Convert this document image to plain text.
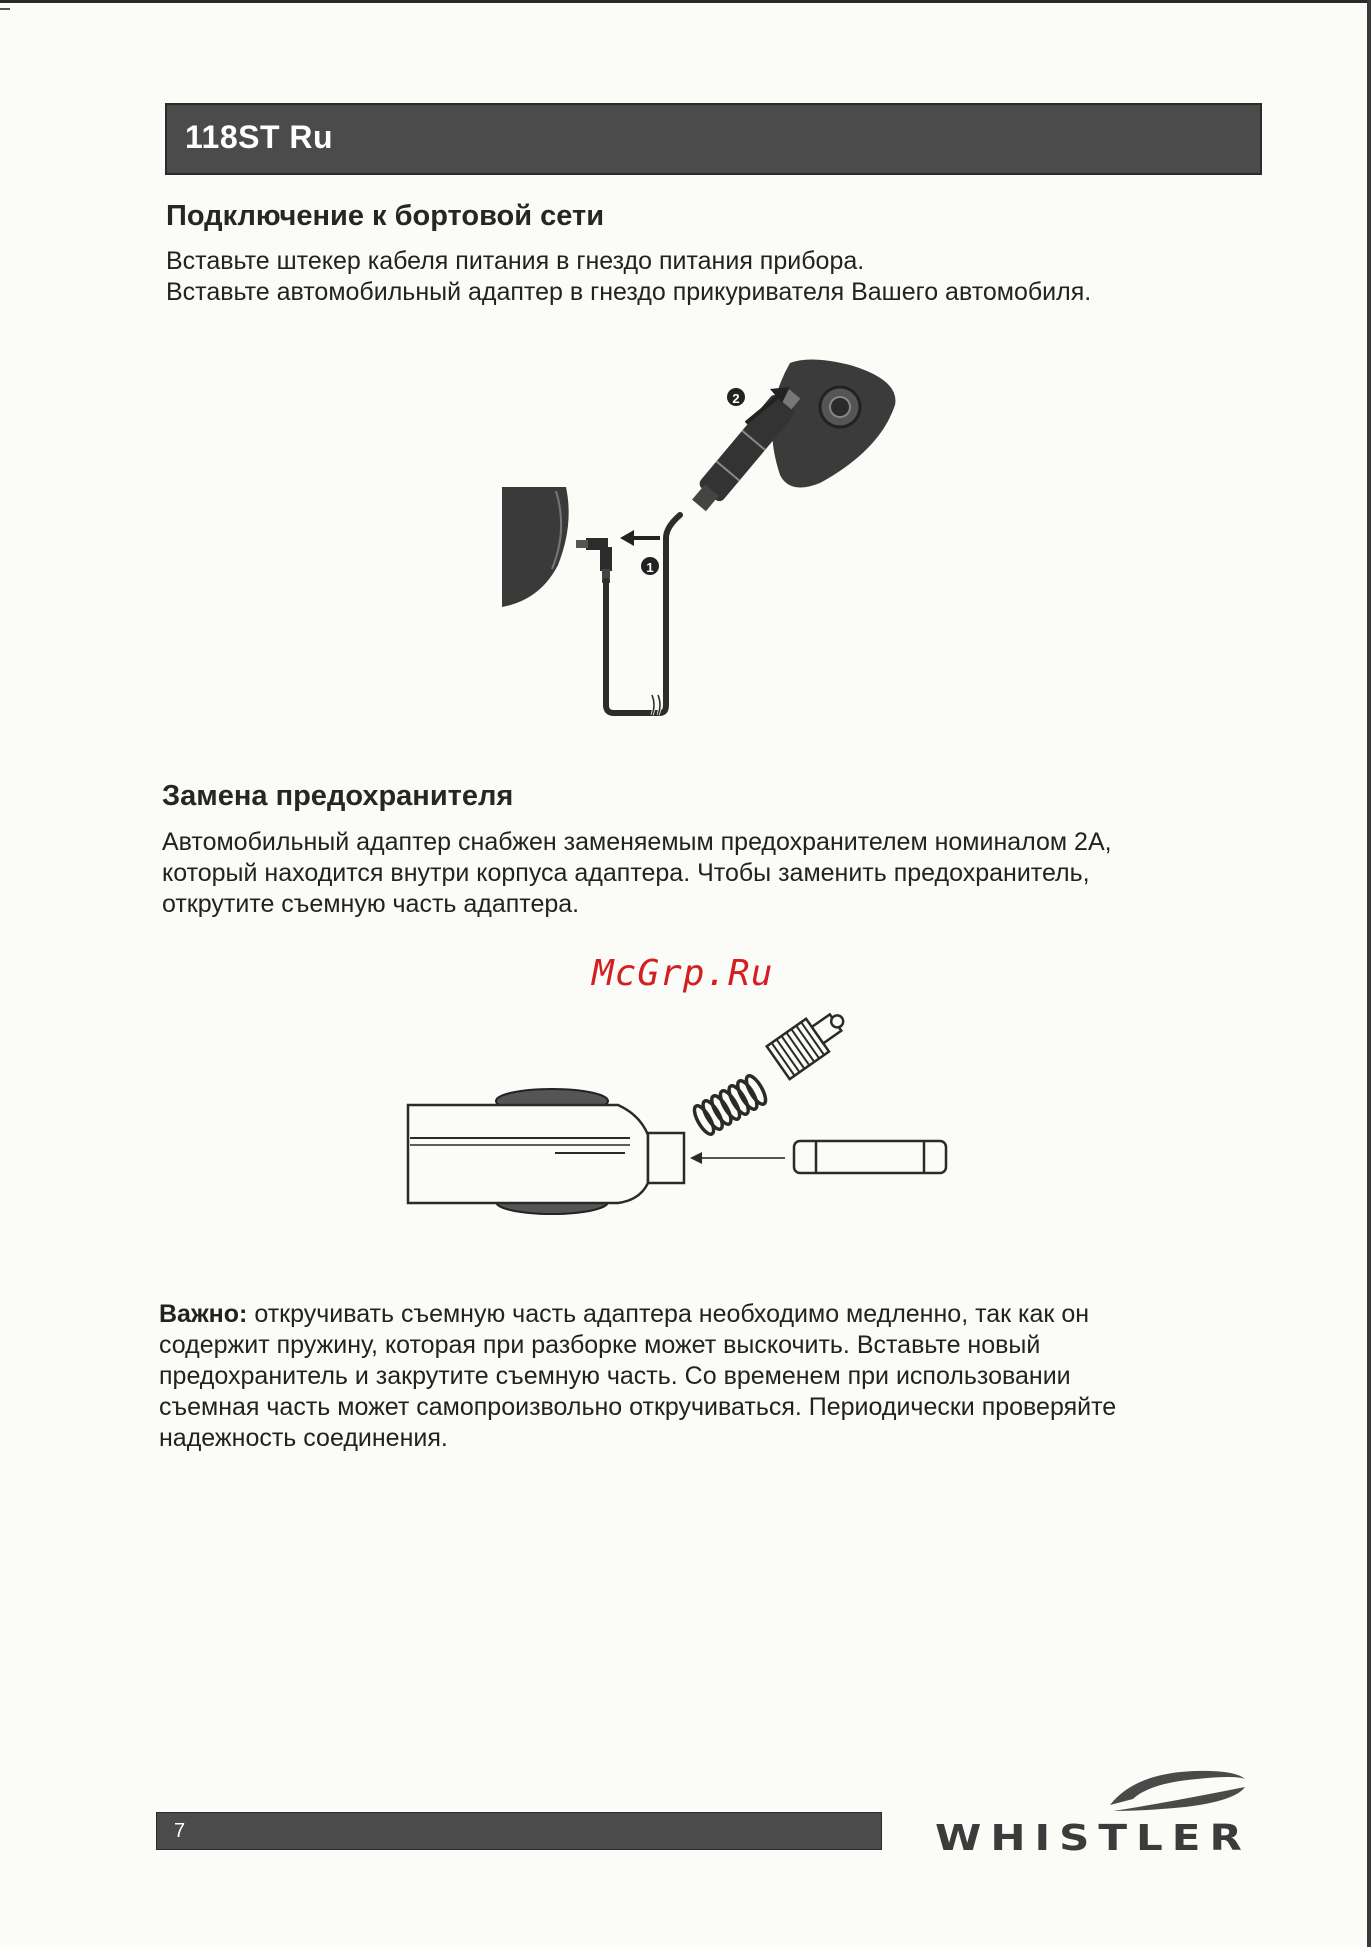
118ST Ru
Подключение к бортовой сети

Вставьте штекер кабеля питания в гнездо питания прибора.

Вставьте автомобильный адаптер в гнездо прикуривателя Вашего автомобиля.

1
2
Замена предохранителя

Автомобильный адаптер снабжен заменяемым предохранителем номиналом 2А,

который находится внутри корпуса адаптера. Чтобы заменить предохранитель,

открутите съемную часть адаптера.

McGrp.Ru

Важно: откручивать съемную часть адаптера необходимо медленно, так как он

содержит пружину, которая при разборке может выскочить. Вставьте новый

предохранитель и закрутите съемную часть. Со временем при использовании

съемная часть может самопроизвольно откручиваться. Периодически проверяйте

надежность соединения.

7	WHISTLER
